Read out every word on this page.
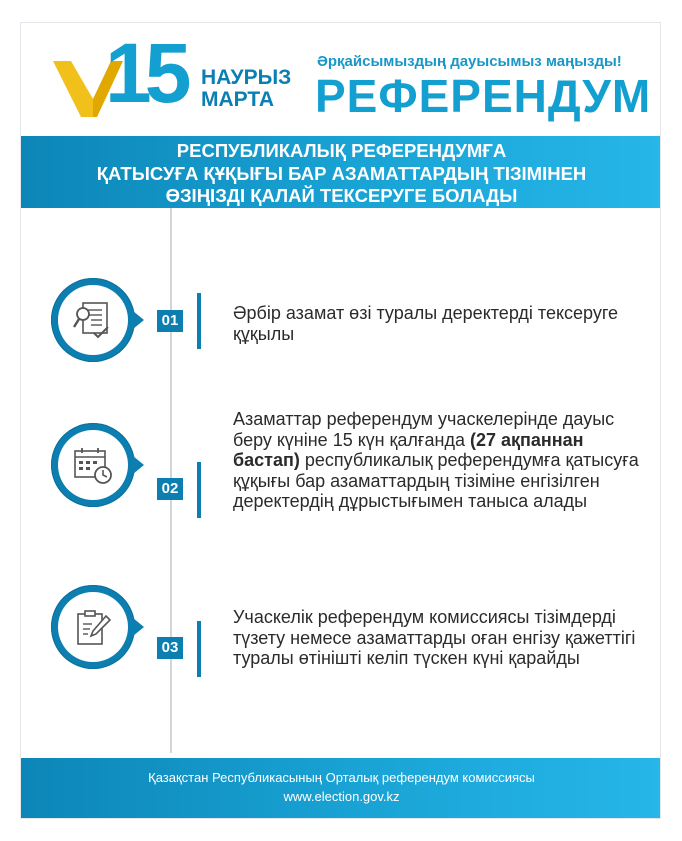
15 НАУРЫЗ
МАРТА
Әрқайсымыздың дауысымыз маңызды!
РЕФЕРЕНДУМ
РЕСПУБЛИКАЛЫҚ РЕФЕРЕНДУМҒА
ҚАТЫСУҒА ҚҰҚЫҒЫ БАР АЗАМАТТАРДЫҢ ТІЗІМІНЕН
ӨЗІҢІЗДІ ҚАЛАЙ ТЕКСЕРУГЕ БОЛАДЫ
01	Әрбір азамат өзі туралы деректерді тексеруге құқылы
02
Азаматтар референдум учаскелерінде дауыс беру күніне 15 күн қалғанда (27 ақпаннан бастап) республикалық референдумға қатысуға құқығы бар азаматтардың тізіміне енгізілген деректердің дұрыстығымен таныса алады
03
Учаскелік референдум комиссиясы тізімдерді түзету немесе азаматтарды оған енгізу қажеттігі туралы өтінішті келіп түскен күні қарайды
Қазақстан Республикасының Орталық референдум комиссиясы
www.election.gov.kz
